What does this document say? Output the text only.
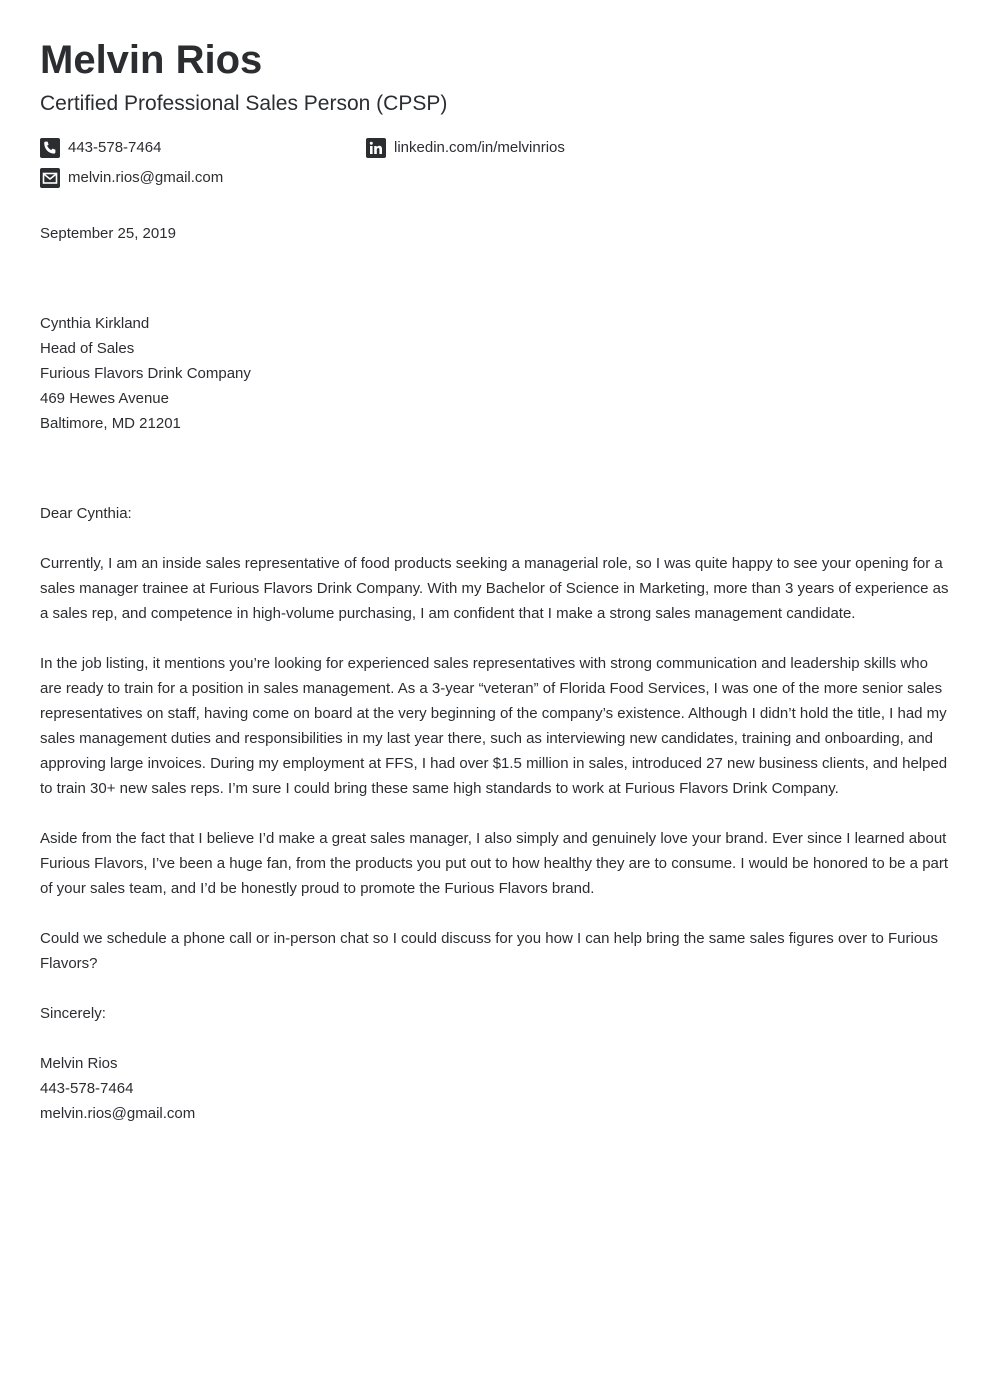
Melvin Rios
Certified Professional Sales Person (CPSP)
443-578-7464
melvin.rios@gmail.com
linkedin.com/in/melvinrios
September 25, 2019
Cynthia Kirkland
Head of Sales
Furious Flavors Drink Company
469 Hewes Avenue
Baltimore, MD 21201
Dear Cynthia:

Currently, I am an inside sales representative of food products seeking a managerial role, so I was quite happy to see your opening for a sales manager trainee at Furious Flavors Drink Company. With my Bachelor of Science in Marketing, more than 3 years of experience as a sales rep, and competence in high-volume purchasing, I am confident that I make a strong sales management candidate.

In the job listing, it mentions you’re looking for experienced sales representatives with strong communication and leadership skills who are ready to train for a position in sales management. As a 3-year “veteran” of Florida Food Services, I was one of the more senior sales representatives on staff, having come on board at the very beginning of the company’s existence. Although I didn’t hold the title, I had my sales management duties and responsibilities in my last year there, such as interviewing new candidates, training and onboarding, and approving large invoices. During my employment at FFS, I had over $1.5 million in sales, introduced 27 new business clients, and helped to train 30+ new sales reps. I’m sure I could bring these same high standards to work at Furious Flavors Drink Company.

Aside from the fact that I believe I’d make a great sales manager, I also simply and genuinely love your brand. Ever since I learned about Furious Flavors, I’ve been a huge fan, from the products you put out to how healthy they are to consume. I would be honored to be a part of your sales team, and I’d be honestly proud to promote the Furious Flavors brand.

Could we schedule a phone call or in-person chat so I could discuss for you how I can help bring the same sales figures over to Furious Flavors?

Sincerely:
Melvin Rios
443-578-7464
melvin.rios@gmail.com
